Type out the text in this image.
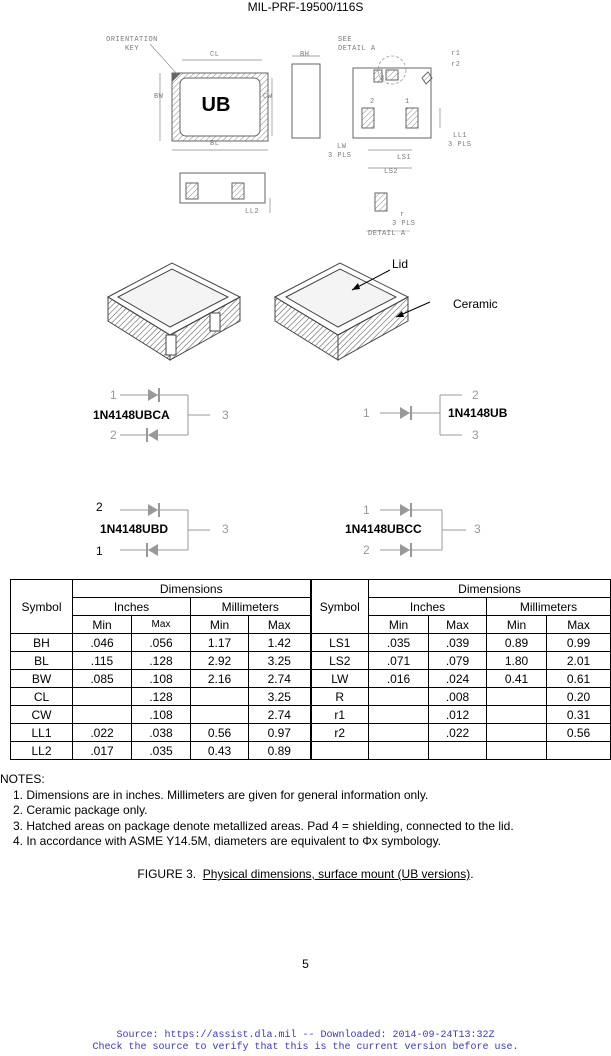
MIL-PRF-19500/116S
UB
ORIENTATION KEY
CL	BH
BW	CW
BL
SEE DETAIL A
r1
r2
LL1
3 PLS
LW
3 PLS	LS1
LS2
LL2	r
3 PLS
DETAIL A
2	1
3
Lid
Ceramic
1N4148UBCA
1
2
3	1N4148UB
1
2
3
1N4148UBD
2
1
3	1N4148UBCC
1
2
3
Symbol	Dimensions				Symbol	Dimensions			
	Inches		Millimeters			Inches		Millimeters	
	Min	Max	Min	Max		Min	Max	Min	Max
BH	.046	.056	1.17	1.42	LS1	.035	.039	0.89	0.99
BL	.115	.128	2.92	3.25	LS2	.071	.079	1.80	2.01
BW	.085	.108	2.16	2.74	LW	.016	.024	0.41	0.61
CL		.128		3.25	R		.008		0.20
CW		.108		2.74	r1		.012		0.31
LL1	.022	.038	0.56	0.97	r2		.022		0.56
LL2	.017	.035	0.43	0.89					
NOTES:
1. Dimensions are in inches. Millimeters are given for general information only.
2. Ceramic package only.
3. Hatched areas on package denote metallized areas. Pad 4 = shielding, connected to the lid.
4. In accordance with ASME Y14.5M, diameters are equivalent to Φx symbology.
FIGURE 3. Physical dimensions, surface mount (UB versions).
5
Source: https://assist.dla.mil -- Downloaded: 2014-09-24T13:32Z
Check the source to verify that this is the current version before use.
